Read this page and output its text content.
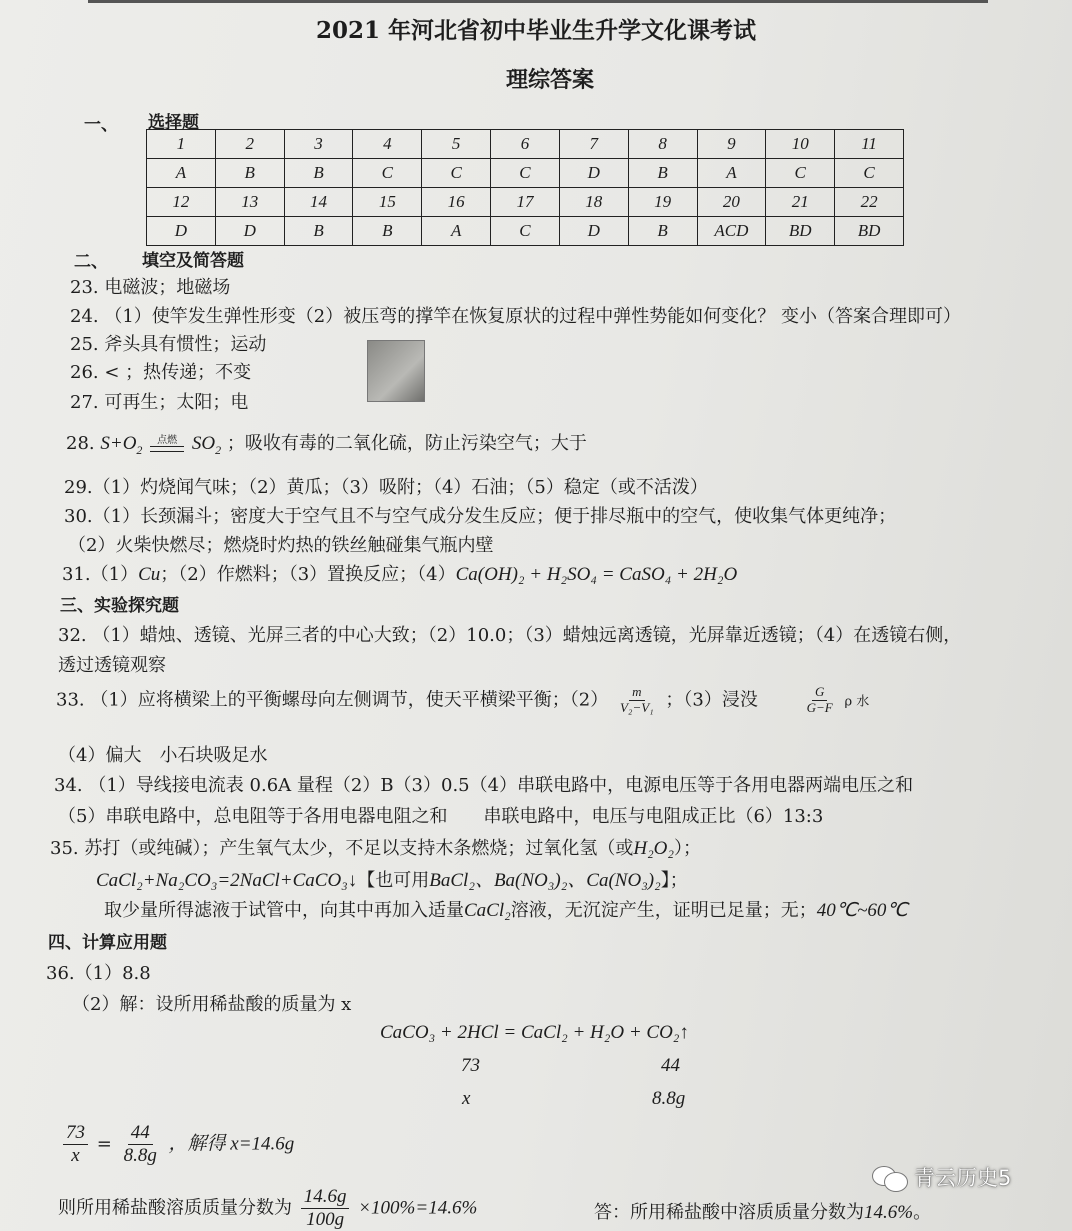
2021 年河北省初中毕业生升学文化课考试
理综答案
一、 选择题
1	2	3	4	5	6	7	8	9	10	11
A	B	B	C	C	C	D	B	A	C	C
12	13	14	15	16	17	18	19	20	21	22
D	D	B	B	A	C	D	B	ACD	BD	BD
二、 填空及简答题
23. 电磁波；地磁场
24. （1）使竿发生弹性形变（2）被压弯的撑竿在恢复原状的过程中弹性势能如何变化？ 变小（答案合理即可）
25. 斧头具有惯性；运动
26. < ；热传递；不变
27. 可再生；太阳；电
28. $S+O_2$
点燃 $SO_2$ ；吸收有毒的二氧化硫，防止污染空气；大于
29.（1）灼烧闻气味；（2）黄瓜；（3）吸附；（4）石油；（5）稳定（或不活泼）
30.（1）长颈漏斗；密度大于空气且不与空气成分发生反应；便于排尽瓶中的空气，使收集气体更纯净；
（2）火柴快燃尽；燃烧时灼热的铁丝触碰集气瓶内壁
31.（1）Cu；（2）作燃料；（3）置换反应；（4）Ca(OH)₂ + H₂SO₄ = CaSO₄ + 2H₂O
三、实验探究题
32. （1）蜡烛、透镜、光屏三者的中心大致；（2）10.0；（3）蜡烛远离透镜，光屏靠近透镜；（4）在透镜右侧，
透过透镜观察
33. （1）应将横梁上的平衡螺母向左侧调节，使天平横梁平衡；$(2) \frac{m}{\text{V₂−V₁}}$ ；（3）浸没	$\frac{G}{G-F}$ ρ 水
（4）偏大　小石块吸足水
34. （1）导线接电流表 0.6A 量程（2）B（3）0.5（4）串联电路中，电源电压等于各用电器两端电压之和
（5）串联电路中，总电阻等于各用电器电阻之和　　串联电路中，电压与电阻成正比（6）13:3
35. 苏打（或纯碱）；产生氧气太少，不足以支持木条燃烧；过氧化氢（或H₂O₂）；
CaCl₂+Na₂CO₃=2NaCl+CaCO₃↓【也可用BaCl₂、Ba(NO₃)₂、Ca(NO₃)₂】；
取少量所得滤液于试管中，向其中再加入适量CaCl₂溶液，无沉淀产生，证明已足量；无；40℃~60℃
四、计算应用题
36.（1）8.8
（2）解：设所用稀盐酸的质量为 x
CaCO₃ + 2HCl = CaCl₂ + H₂O + CO₂↑
73	44
x	8.8g
$\frac{73}{x} = \frac{44}{8.8g}$ ，解得 x=14.6g
则所用稀盐酸溶质质量分数为 $\frac{14.6g}{100g} \times 100\%=14.6\%$	答：所用稀盐酸中溶质质量分数为14.6%。
青云历史5
